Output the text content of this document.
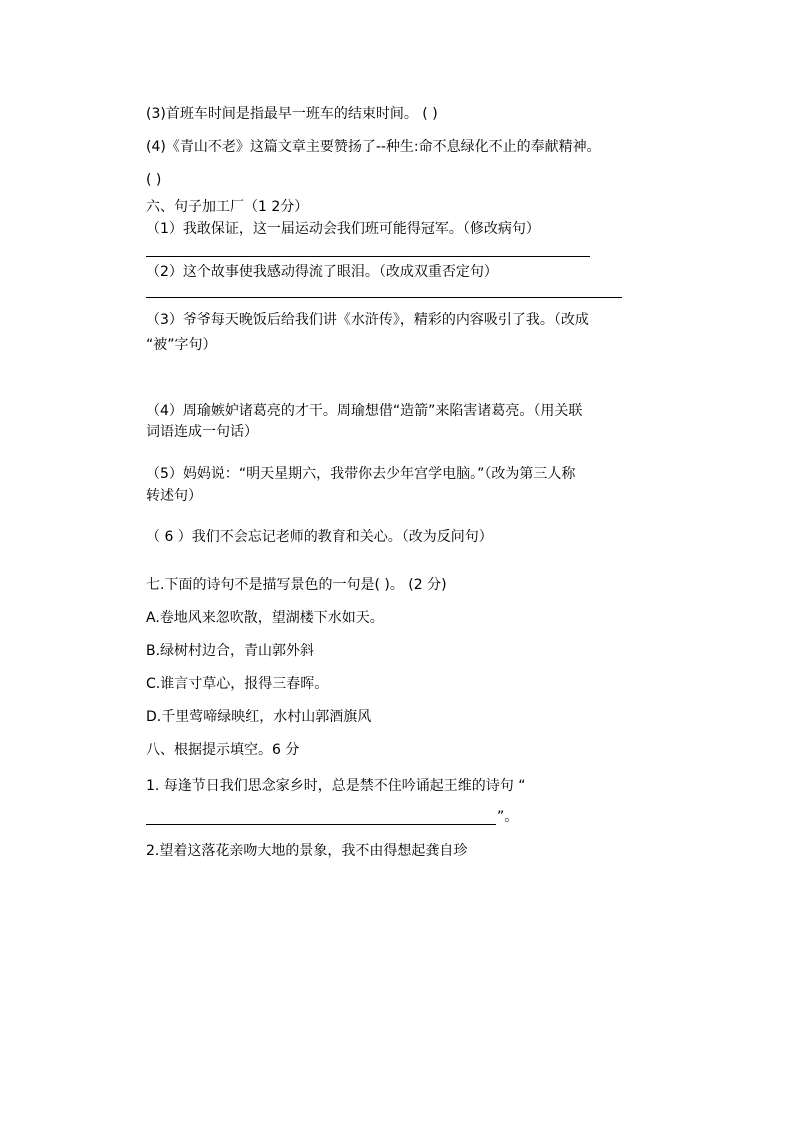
(3)首班车时间是指最早一班车的结束时间。 ( )
(4)《青山不老》这篇文章主要赞扬了--种生:命不息绿化不止的奉献精神。
( )
六、句子加工厂（1 2分）
（1）我敢保证，这一届运动会我们班可能得冠军。（修改病句）
（2）这个故事使我感动得流了眼泪。（改成双重否定句）
（3）爷爷每天晚饭后给我们讲《水浒传》，精彩的内容吸引了我。（改成
“被”字句）
（4）周瑜嫉妒诸葛亮的才干。周瑜想借“造箭”来陷害诸葛亮。（用关联
词语连成一句话）
（5）妈妈说：“明天星期六，我带你去少年宫学电脑。”（改为第三人称
转述句）
（ 6 ）我们不会忘记老师的教育和关心。（改为反问句）
七.下面的诗句不是描写景色的一句是( )。 (2 分)
A.卷地风来忽吹散，望湖楼下水如天。
B.绿树村边合，青山郭外斜
C.谁言寸草心，报得三春晖。
D.千里莺啼绿映红，水村山郭酒旗风
八、根据提示填空。6 分
1. 每逢节日我们思念家乡时，总是禁不住吟诵起王维的诗句 “
”。
2.望着这落花亲吻大地的景象，我不由得想起龚自珍
